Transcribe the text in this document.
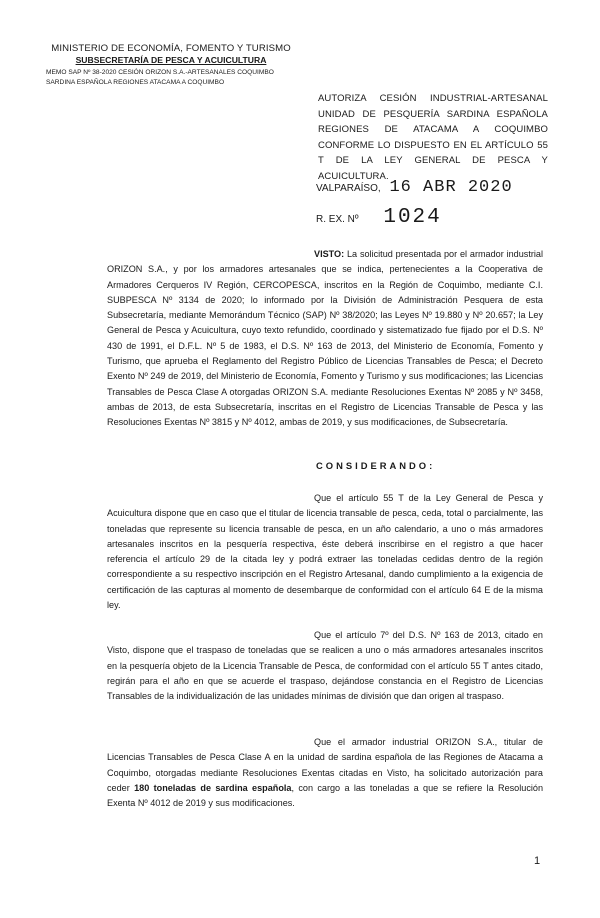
MINISTERIO DE ECONOMÍA, FOMENTO Y TURISMO
SUBSECRETARÍA DE PESCA Y ACUICULTURA
MEMO SAP Nº 38-2020 CESIÓN ORIZON S.A.-ARTESANALES COQUIMBO
SARDINA ESPAÑOLA REGIONES ATACAMA A COQUIMBO
AUTORIZA CESIÓN INDUSTRIAL-ARTESANAL UNIDAD DE PESQUERÍA SARDINA ESPAÑOLA REGIONES DE ATACAMA A COQUIMBO CONFORME LO DISPUESTO EN EL ARTÍCULO 55 T DE LA LEY GENERAL DE PESCA Y ACUICULTURA.
VALPARAÍSO, 16 ABR 2020
R. EX. Nº 1024
VISTO: La solicitud presentada por el armador industrial ORIZON S.A., y por los armadores artesanales que se indica, pertenecientes a la Cooperativa de Armadores Cerqueros IV Región, CERCOPESCA, inscritos en la Región de Coquimbo, mediante C.I. SUBPESCA Nº 3134 de 2020; lo informado por la División de Administración Pesquera de esta Subsecretaría, mediante Memorándum Técnico (SAP) Nº 38/2020; las Leyes Nº 19.880 y Nº 20.657; la Ley General de Pesca y Acuicultura, cuyo texto refundido, coordinado y sistematizado fue fijado por el D.S. Nº 430 de 1991, el D.F.L. Nº 5 de 1983, el D.S. Nº 163 de 2013, del Ministerio de Economía, Fomento y Turismo, que aprueba el Reglamento del Registro Público de Licencias Transables de Pesca; el Decreto Exento Nº 249 de 2019, del Ministerio de Economía, Fomento y Turismo y sus modificaciones; las Licencias Transables de Pesca Clase A otorgadas ORIZON S.A. mediante Resoluciones Exentas Nº 2085 y Nº 3458, ambas de 2013, de esta Subsecretaría, inscritas en el Registro de Licencias Transable de Pesca y las Resoluciones Exentas Nº 3815 y Nº 4012, ambas de 2019, y sus modificaciones, de Subsecretaría.
CONSIDERANDO:
Que el artículo 55 T de la Ley General de Pesca y Acuicultura dispone que en caso que el titular de licencia transable de pesca, ceda, total o parcialmente, las toneladas que represente su licencia transable de pesca, en un año calendario, a uno o más armadores artesanales inscritos en la pesquería respectiva, éste deberá inscribirse en el registro a que hacer referencia el artículo 29 de la citada ley y podrá extraer las toneladas cedidas dentro de la región correspondiente a su respectivo inscripción en el Registro Artesanal, dando cumplimiento a la exigencia de certificación de las capturas al momento de desembarque de conformidad con el artículo 64 E de la misma ley.
Que el artículo 7º del D.S. Nº 163 de 2013, citado en Visto, dispone que el traspaso de toneladas que se realicen a uno o más armadores artesanales inscritos en la pesquería objeto de la Licencia Transable de Pesca, de conformidad con el artículo 55 T antes citado, regirán para el año en que se acuerde el traspaso, dejándose constancia en el Registro de Licencias Transables de la individualización de las unidades mínimas de división que dan origen al traspaso.
Que el armador industrial ORIZON S.A., titular de Licencias Transables de Pesca Clase A en la unidad de sardina española de las Regiones de Atacama a Coquimbo, otorgadas mediante Resoluciones Exentas citadas en Visto, ha solicitado autorización para ceder 180 toneladas de sardina española, con cargo a las toneladas a que se refiere la Resolución Exenta Nº 4012 de 2019 y sus modificaciones.
1
